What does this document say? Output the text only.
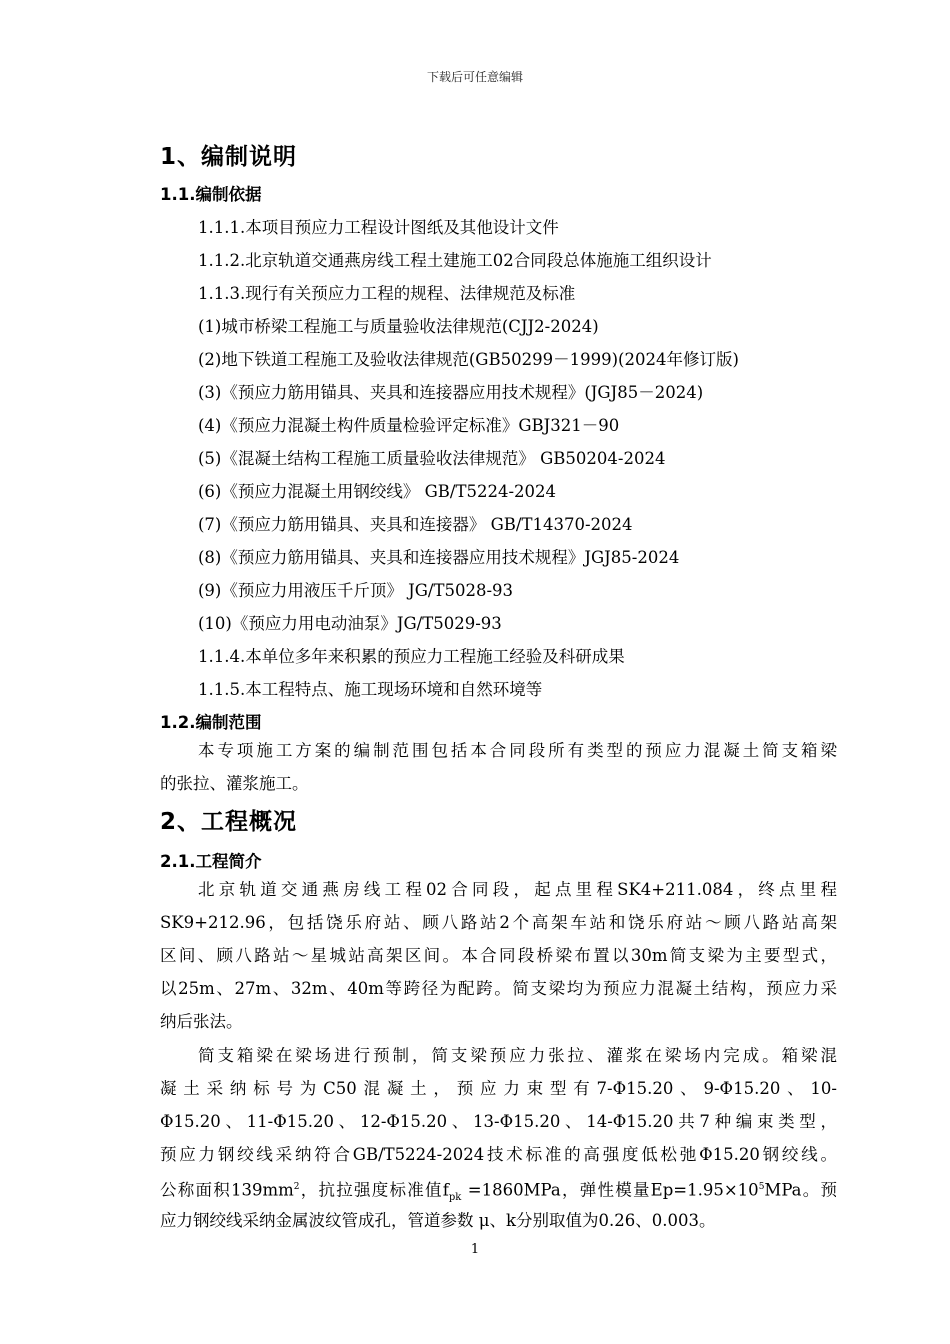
下载后可任意编辑
1、编制说明
1.1.编制依据
1.1.1.本项目预应力工程设计图纸及其他设计文件
1.1.2.北京轨道交通燕房线工程土建施工02合同段总体施施工组织设计
1.1.3.现行有关预应力工程的规程、法律规范及标准
(1)城市桥梁工程施工与质量验收法律规范(CJJ2-2024)
(2)地下铁道工程施工及验收法律规范(GB50299－1999)(2024年修订版)
(3)《预应力筋用锚具、夹具和连接器应用技术规程》(JGJ85－2024)
(4)《预应力混凝土构件质量检验评定标准》GBJ321－90
(5)《混凝土结构工程施工质量验收法律规范》 GB50204-2024
(6)《预应力混凝土用钢绞线》 GB/T5224-2024
(7)《预应力筋用锚具、夹具和连接器》 GB/T14370-2024
(8)《预应力筋用锚具、夹具和连接器应用技术规程》JGJ85-2024
(9)《预应力用液压千斤顶》 JG/T5028-93
(10)《预应力用电动油泵》JG/T5029-93
1.1.4.本单位多年来积累的预应力工程施工经验及科研成果
1.1.5.本工程特点、施工现场环境和自然环境等
1.2.编制范围
本专项施工方案的编制范围包括本合同段所有类型的预应力混凝土简支箱梁
的张拉、灌浆施工。
2、工程概况
2.1.工程简介
北京轨道交通燕房线工程02合同段，起点里程SK4+211.084，终点里程
SK9+212.96，包括饶乐府站、顾八路站2个高架车站和饶乐府站～顾八路站高架
区间、顾八路站～星城站高架区间。本合同段桥梁布置以30m简支梁为主要型式，
以25m、27m、32m、40m等跨径为配跨。简支梁均为预应力混凝土结构，预应力采
纳后张法。
简支箱梁在梁场进行预制，简支梁预应力张拉、灌浆在梁场内完成。箱梁混
凝土采纳标号为C50混凝土，预应力束型有7-Φ15.20、9-Φ15.20、10-
Φ15.20、11-Φ15.20、12-Φ15.20、13-Φ15.20、14-Φ15.20共7种编束类型，
预应力钢绞线采纳符合GB/T5224-2024技术标准的高强度低松弛Φ15.20钢绞线。
公称面积$139mm^2$，抗拉强度标准值$f_{pk} =1860MPa$，弹性模量$Ep=1.95\times 10^5MPa$。预
应力钢绞线采纳金属波纹管成孔，管道参数 μ、k分别取值为0.26、0.003。
1
